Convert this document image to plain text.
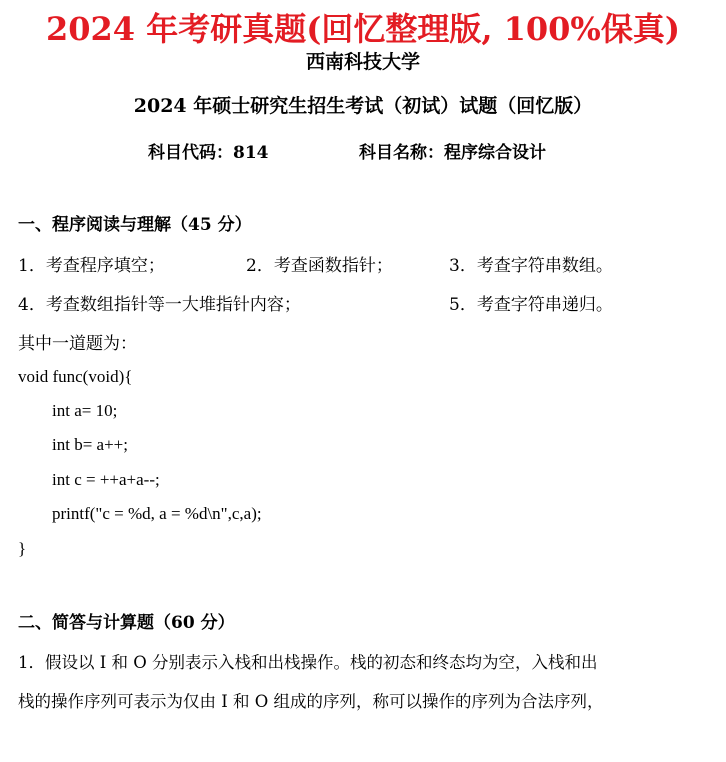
2024 年考研真题(回忆整理版, 100%保真)
西南科技大学
2024 年硕士研究生招生考试（初试）试题（回忆版）
科目代码：814	科目名称：程序综合设计
一、程序阅读与理解（45 分）
1．考查程序填空；	2．考查函数指针；	3．考查字符串数组。
4．考查数组指针等一大堆指针内容；	5．考查字符串递归。
其中一道题为：
void func(void){
int a= 10;
int b= a++;
int c = ++a+a--;
printf("c = %d, a = %d\n",c,a);
}
二、简答与计算题（60 分）
1．假设以 I 和 O 分别表示入栈和出栈操作。栈的初态和终态均为空，入栈和出
栈的操作序列可表示为仅由 I 和 O 组成的序列，称可以操作的序列为合法序列，
